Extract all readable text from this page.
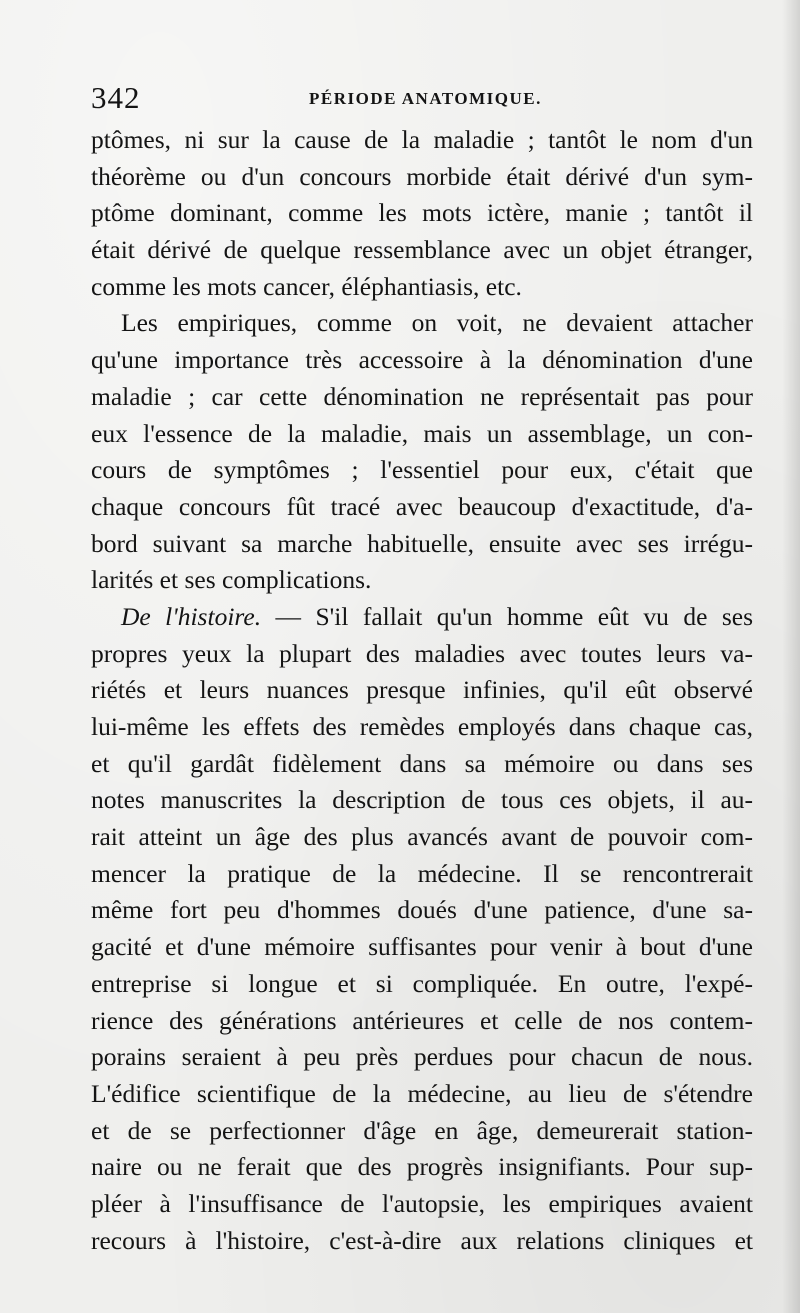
342	PÉRIODE ANATOMIQUE.
ptômes, ni sur la cause de la maladie ; tantôt le nom d'un
théorème ou d'un concours morbide était dérivé d'un sym-
ptôme dominant, comme les mots ictère, manie ; tantôt il
était dérivé de quelque ressemblance avec un objet étranger,
comme les mots cancer, éléphantiasis, etc.
Les empiriques, comme on voit, ne devaient attacher
qu'une importance très accessoire à la dénomination d'une
maladie ; car cette dénomination ne représentait pas pour
eux l'essence de la maladie, mais un assemblage, un con-
cours de symptômes ; l'essentiel pour eux, c'était que
chaque concours fût tracé avec beaucoup d'exactitude, d'a-
bord suivant sa marche habituelle, ensuite avec ses irrégu-
larités et ses complications.
De l'histoire. — S'il fallait qu'un homme eût vu de ses
propres yeux la plupart des maladies avec toutes leurs va-
riétés et leurs nuances presque infinies, qu'il eût observé
lui-même les effets des remèdes employés dans chaque cas,
et qu'il gardât fidèlement dans sa mémoire ou dans ses
notes manuscrites la description de tous ces objets, il au-
rait atteint un âge des plus avancés avant de pouvoir com-
mencer la pratique de la médecine. Il se rencontrerait
même fort peu d'hommes doués d'une patience, d'une sa-
gacité et d'une mémoire suffisantes pour venir à bout d'une
entreprise si longue et si compliquée. En outre, l'expé-
rience des générations antérieures et celle de nos contem-
porains seraient à peu près perdues pour chacun de nous.
L'édifice scientifique de la médecine, au lieu de s'étendre
et de se perfectionner d'âge en âge, demeurerait station-
naire ou ne ferait que des progrès insignifiants. Pour sup-
pléer à l'insuffisance de l'autopsie, les empiriques avaient
recours à l'histoire, c'est-à-dire aux relations cliniques et
